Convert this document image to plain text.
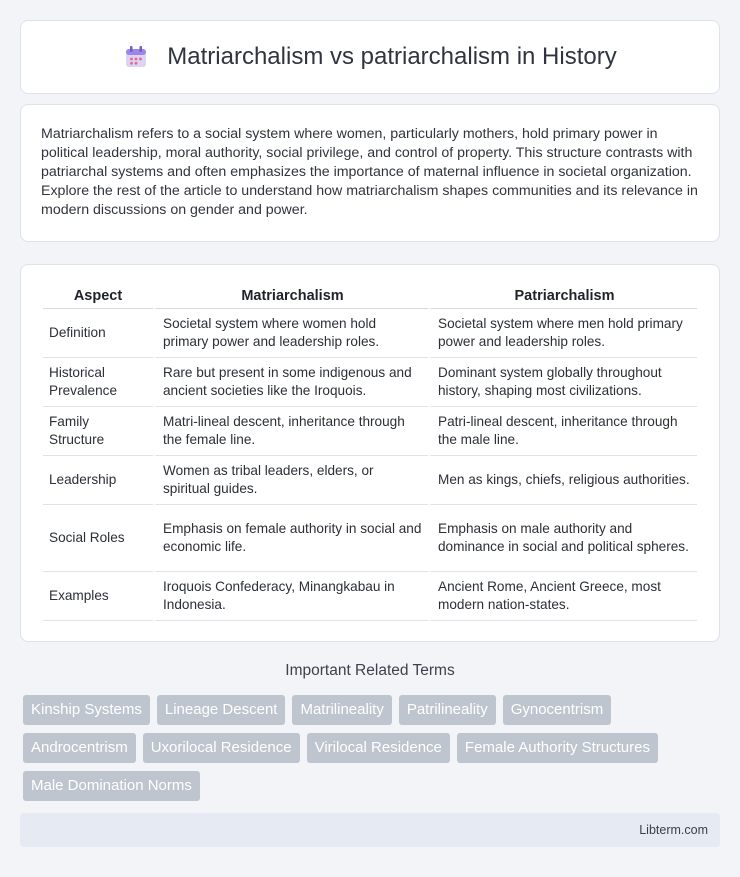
Matriarchalism vs patriarchalism in History

Matriarchalism refers to a social system where women, particularly mothers, hold primary power in political leadership, moral authority, social privilege, and control of property. This structure contrasts with patriarchal systems and often emphasizes the importance of maternal influence in societal organization. Explore the rest of the article to understand how matriarchalism shapes communities and its relevance in modern discussions on gender and power.

Aspect	Matriarchalism	Patriarchalism
Definition	Societal system where women hold primary power and leadership roles.	Societal system where men hold primary power and leadership roles.
Historical Prevalence	Rare but present in some indigenous and ancient societies like the Iroquois.	Dominant system globally throughout history, shaping most civilizations.
Family Structure	Matri-lineal descent, inheritance through the female line.	Patri-lineal descent, inheritance through the male line.
Leadership	Women as tribal leaders, elders, or spiritual guides.	Men as kings, chiefs, religious authorities.
Social Roles	Emphasis on female authority in social and economic life.	Emphasis on male authority and dominance in social and political spheres.
Examples	Iroquois Confederacy, Minangkabau in Indonesia.	Ancient Rome, Ancient Greece, most modern nation-states.
Important Related Terms
Kinship Systems	Lineage Descent	Matrilineality	Patrilineality	Gynocentrism
Androcentrism	Uxorilocal Residence	Virilocal Residence	Female Authority Structures
Male Domination Norms
Libterm.com
